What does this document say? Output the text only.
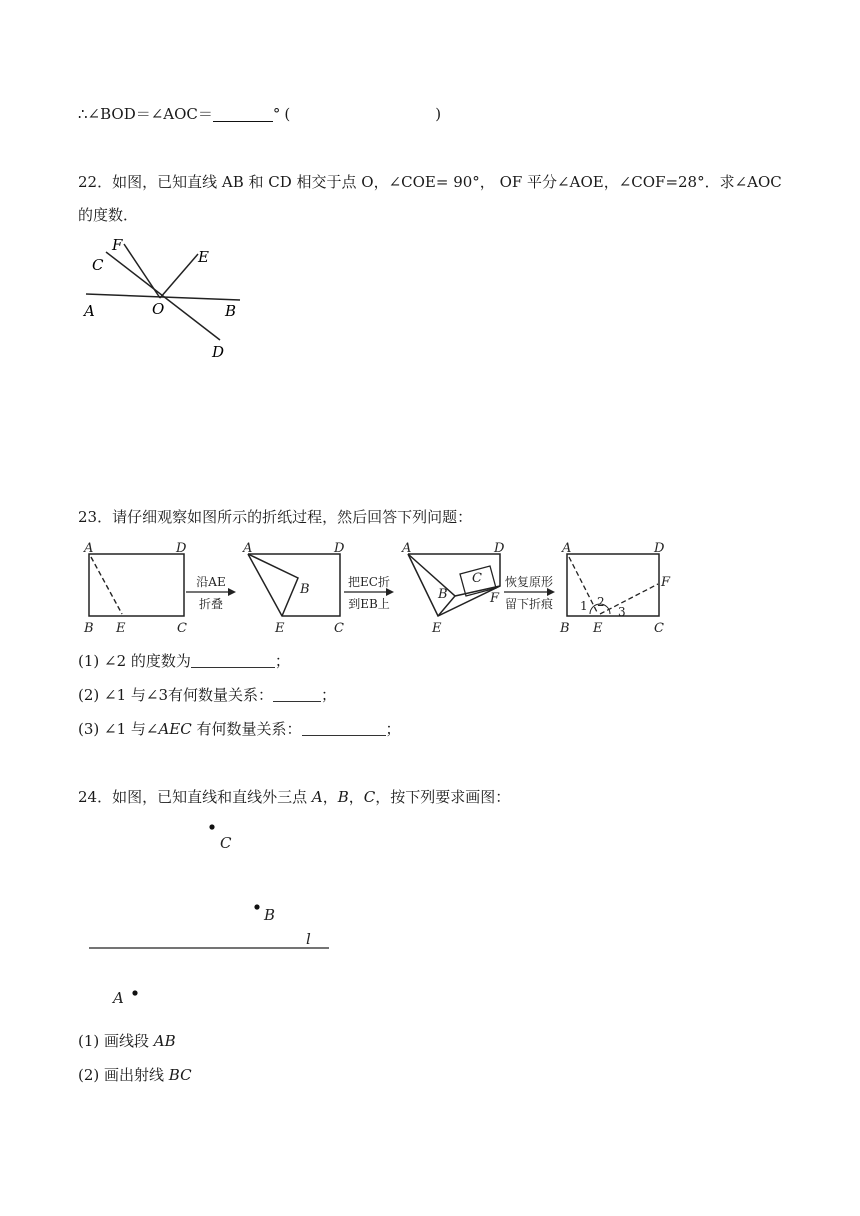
∴∠BOD＝∠AOC＝	° (	)
22．如图，已知直线 AB 和 CD 相交于点 O，∠COE= 90°， OF 平分∠AOE，∠COF=28°．求∠AOC
的度数．
F
C	E
A	O	B
D
23．请仔细观察如图所示的折纸过程，然后回答下列问题：
A	D
B E	C
A	D
B
E	C
A	D
B
C
F
E
A	D
F
B E	C
1 2
3
沿AE
折叠
把EC折
到EB上
恢复原形
留下折痕
(1) ∠2 的度数为	；
(2) ∠1 与∠3有何数量关系：	；
(3) ∠1 与∠AEC 有何数量关系：	；
24．如图，已知直线和直线外三点 A，B，C，按下列要求画图：
C
B
l
A
(1) 画线段 AB
(2) 画出射线 BC
